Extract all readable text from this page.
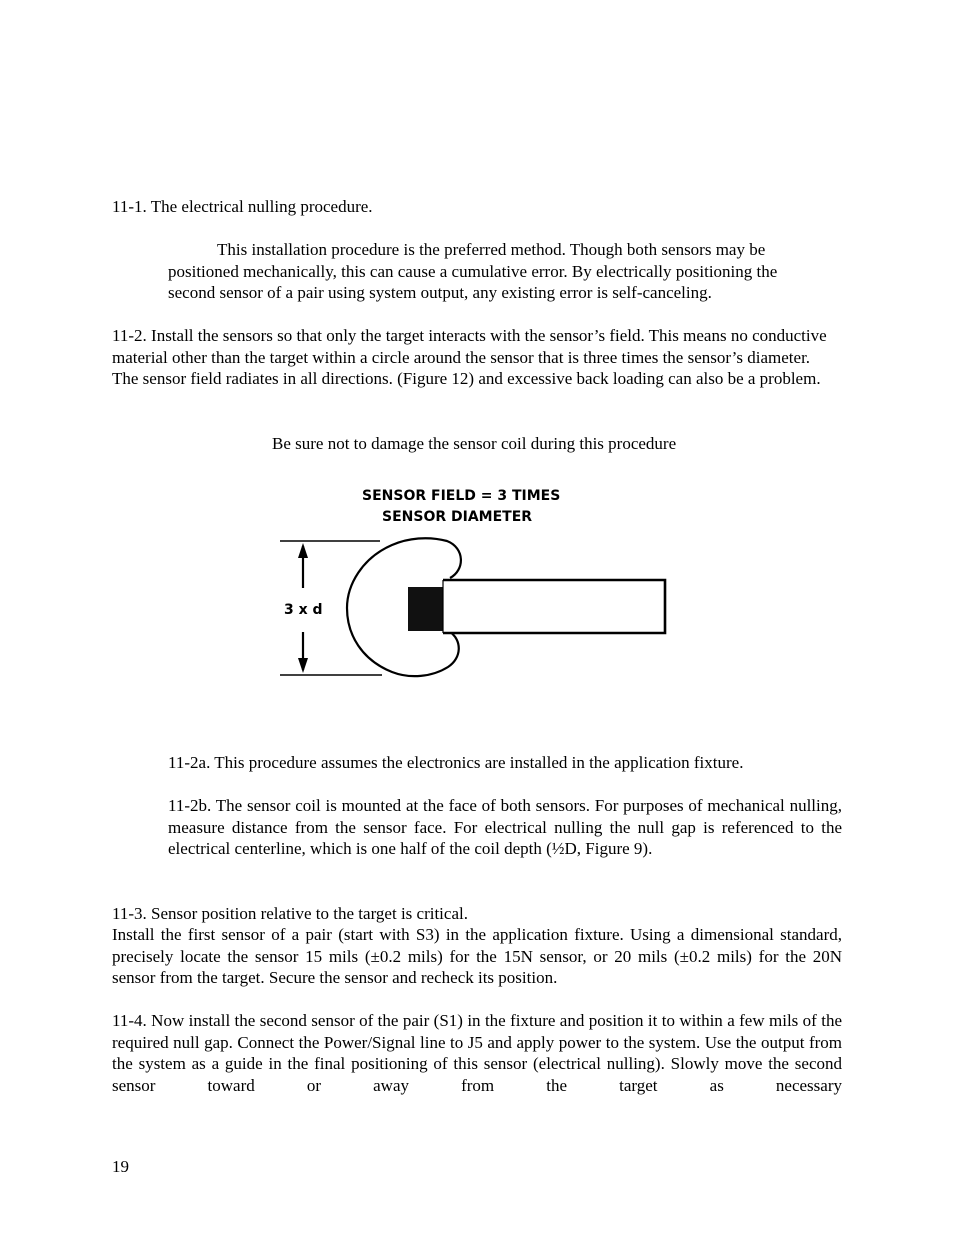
11-1. The electrical nulling procedure.

This installation procedure is the preferred method. Though both sensors may be positioned mechanically, this can cause a cumulative error. By electrically positioning the second sensor of a pair using system output, any existing error is self-canceling.

11-2. Install the sensors so that only the target interacts with the sensor’s field. This means no conductive material other than the target within a circle around the sensor that is three times the sensor’s diameter. The sensor field radiates in all directions. (Figure 12) and excessive back loading can also be a problem.

Be sure not to damage the sensor coil during this procedure

SENSOR FIELD = 3 TIMES
SENSOR DIAMETER
3 x d

11-2a. This procedure assumes the electronics are installed in the application fixture.

11-2b. The sensor coil is mounted at the face of both sensors. For purposes of mechanical nulling, measure distance from the sensor face. For electrical nulling the null gap is referenced to the electrical centerline, which is one half of the coil depth (½D, Figure 9).

11-3. Sensor position relative to the target is critical.

Install the first sensor of a pair (start with S3) in the application fixture. Using a dimensional standard, precisely locate the sensor 15 mils (±0.2 mils) for the 15N sensor, or 20 mils (±0.2 mils) for the 20N sensor from the target. Secure the sensor and recheck its position.

11-4. Now install the second sensor of the pair (S1) in the fixture and position it to within a few mils of the required null gap. Connect the Power/Signal line to J5 and apply power to the system. Use the output from the system as a guide in the final positioning of this sensor (electrical nulling). Slowly move the second sensor toward or away from the target as necessary

19
